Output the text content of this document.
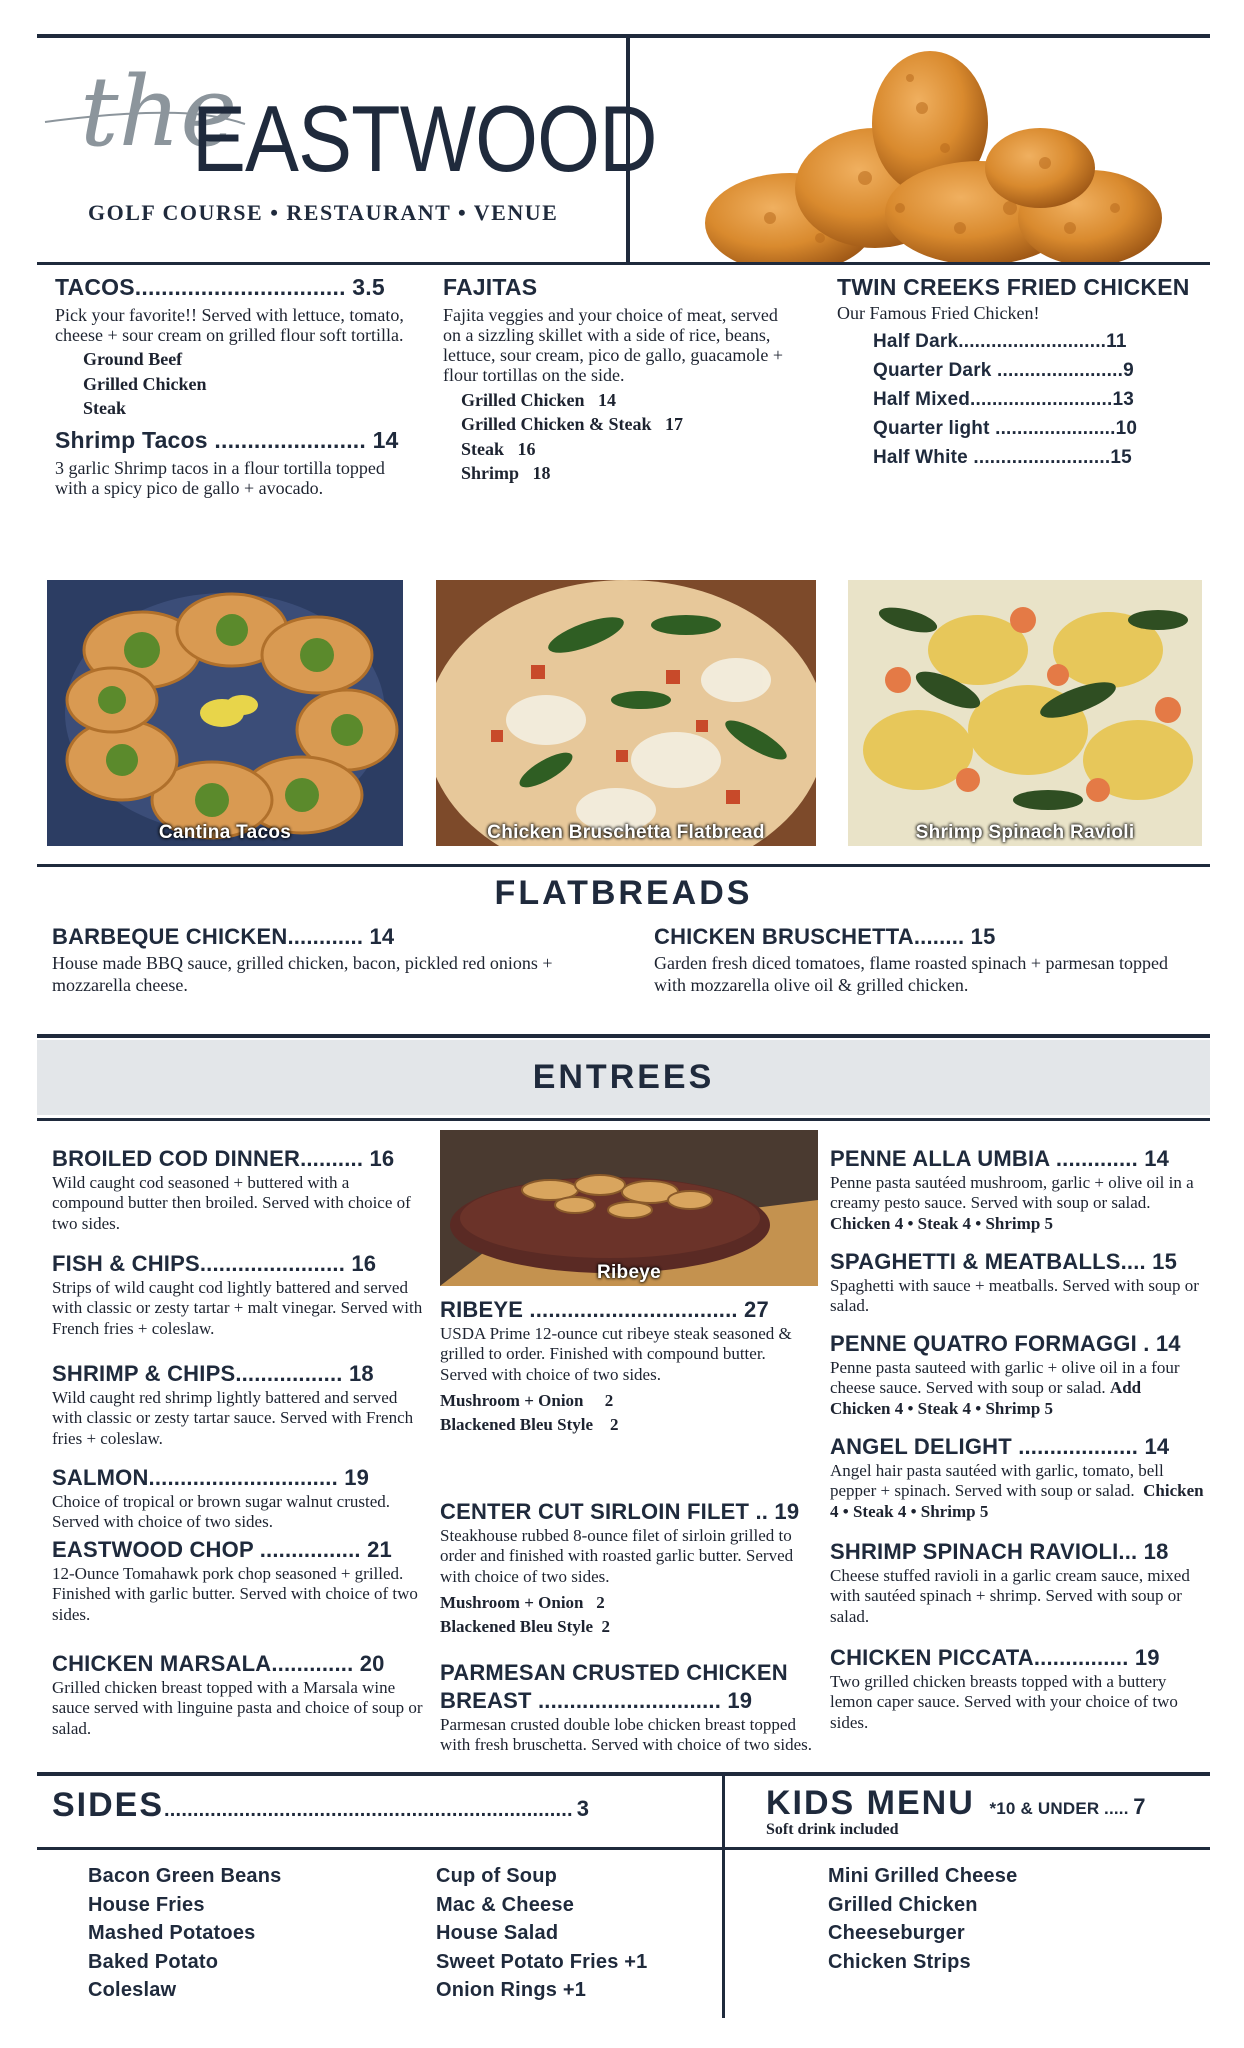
the
EASTWOOD
GOLF COURSE • RESTAURANT • VENUE
TACOS................................ 3.5
Pick your favorite!! Served with lettuce, tomato, cheese + sour cream on grilled flour soft tortilla.
Ground Beef
Grilled Chicken
Steak
Shrimp Tacos ....................... 14
3 garlic Shrimp tacos in a flour tortilla topped with a spicy pico de gallo + avocado.
FAJITAS
Fajita veggies and your choice of meat, served on a sizzling skillet with a side of rice, beans, lettuce, sour cream, pico de gallo, guacamole + flour tortillas on the side.
Grilled Chicken 14
Grilled Chicken & Steak 17
Steak 16
Shrimp 18
TWIN CREEKS FRIED CHICKEN
Our Famous Fried Chicken!
Half Dark...........................11
Quarter Dark .......................9
Half Mixed..........................13
Quarter light ......................10
Half White .........................15
Cantina Tacos	Chicken Bruschetta Flatbread	Shrimp Spinach Ravioli
FLATBREADS
BARBEQUE CHICKEN............ 14
House made BBQ sauce, grilled chicken, bacon, pickled red onions + mozzarella cheese.
CHICKEN BRUSCHETTA........ 15
Garden fresh diced tomatoes, flame roasted spinach + parmesan topped with mozzarella olive oil & grilled chicken.
ENTREES
BROILED COD DINNER.......... 16
Wild caught cod seasoned + buttered with a compound butter then broiled. Served with choice of two sides.
FISH & CHIPS....................... 16
Strips of wild caught cod lightly battered and served with classic or zesty tartar + malt vinegar. Served with French fries + coleslaw.
SHRIMP & CHIPS................. 18
Wild caught red shrimp lightly battered and served with classic or zesty tartar sauce. Served with French fries + coleslaw.
SALMON.............................. 19
Choice of tropical or brown sugar walnut crusted. Served with choice of two sides.
EASTWOOD CHOP ................ 21
12-Ounce Tomahawk pork chop seasoned + grilled. Finished with garlic butter. Served with choice of two sides.
CHICKEN MARSALA............. 20
Grilled chicken breast topped with a Marsala wine sauce served with linguine pasta and choice of soup or salad.
Ribeye
RIBEYE ................................. 27
USDA Prime 12-ounce cut ribeye steak seasoned & grilled to order. Finished with compound butter. Served with choice of two sides.
Mushroom + Onion 2
Blackened Bleu Style 2
CENTER CUT SIRLOIN FILET .. 19
Steakhouse rubbed 8-ounce filet of sirloin grilled to order and finished with roasted garlic butter. Served with choice of two sides.
Mushroom + Onion 2
Blackened Bleu Style 2
PARMESAN CRUSTED CHICKEN
BREAST ............................. 19
Parmesan crusted double lobe chicken breast topped with fresh bruschetta. Served with choice of two sides.
PENNE ALLA UMBIA ............. 14
Penne pasta sautéed mushroom, garlic + olive oil in a creamy pesto sauce. Served with soup or salad.  Chicken 4 • Steak 4 • Shrimp 5
SPAGHETTI & MEATBALLS.... 15
Spaghetti with sauce + meatballs. Served with soup or salad.
PENNE QUATRO FORMAGGI . 14
Penne pasta sauteed with garlic + olive oil in a four cheese sauce. Served with soup or salad. Add Chicken 4 • Steak 4 • Shrimp 5
ANGEL DELIGHT ................... 14
Angel hair pasta sautéed with garlic, tomato, bell pepper + spinach. Served with soup or salad. Chicken 4 • Steak 4 • Shrimp 5
SHRIMP SPINACH RAVIOLI... 18
Cheese stuffed ravioli in a garlic cream sauce, mixed with sautéed spinach + shrimp. Served with soup or salad.
CHICKEN PICCATA............... 19
Two grilled chicken breasts topped with a buttery lemon caper sauce. Served with your choice of two sides.
SIDES....................................................................... 3	KIDS MENU *10 & UNDER ..... 7
Soft drink included
Bacon Green Beans
House Fries
Mashed Potatoes
Baked Potato
Coleslaw
Cup of Soup
Mac & Cheese
House Salad
Sweet Potato Fries +1
Onion Rings +1
Mini Grilled Cheese
Grilled Chicken
Cheeseburger
Chicken Strips
